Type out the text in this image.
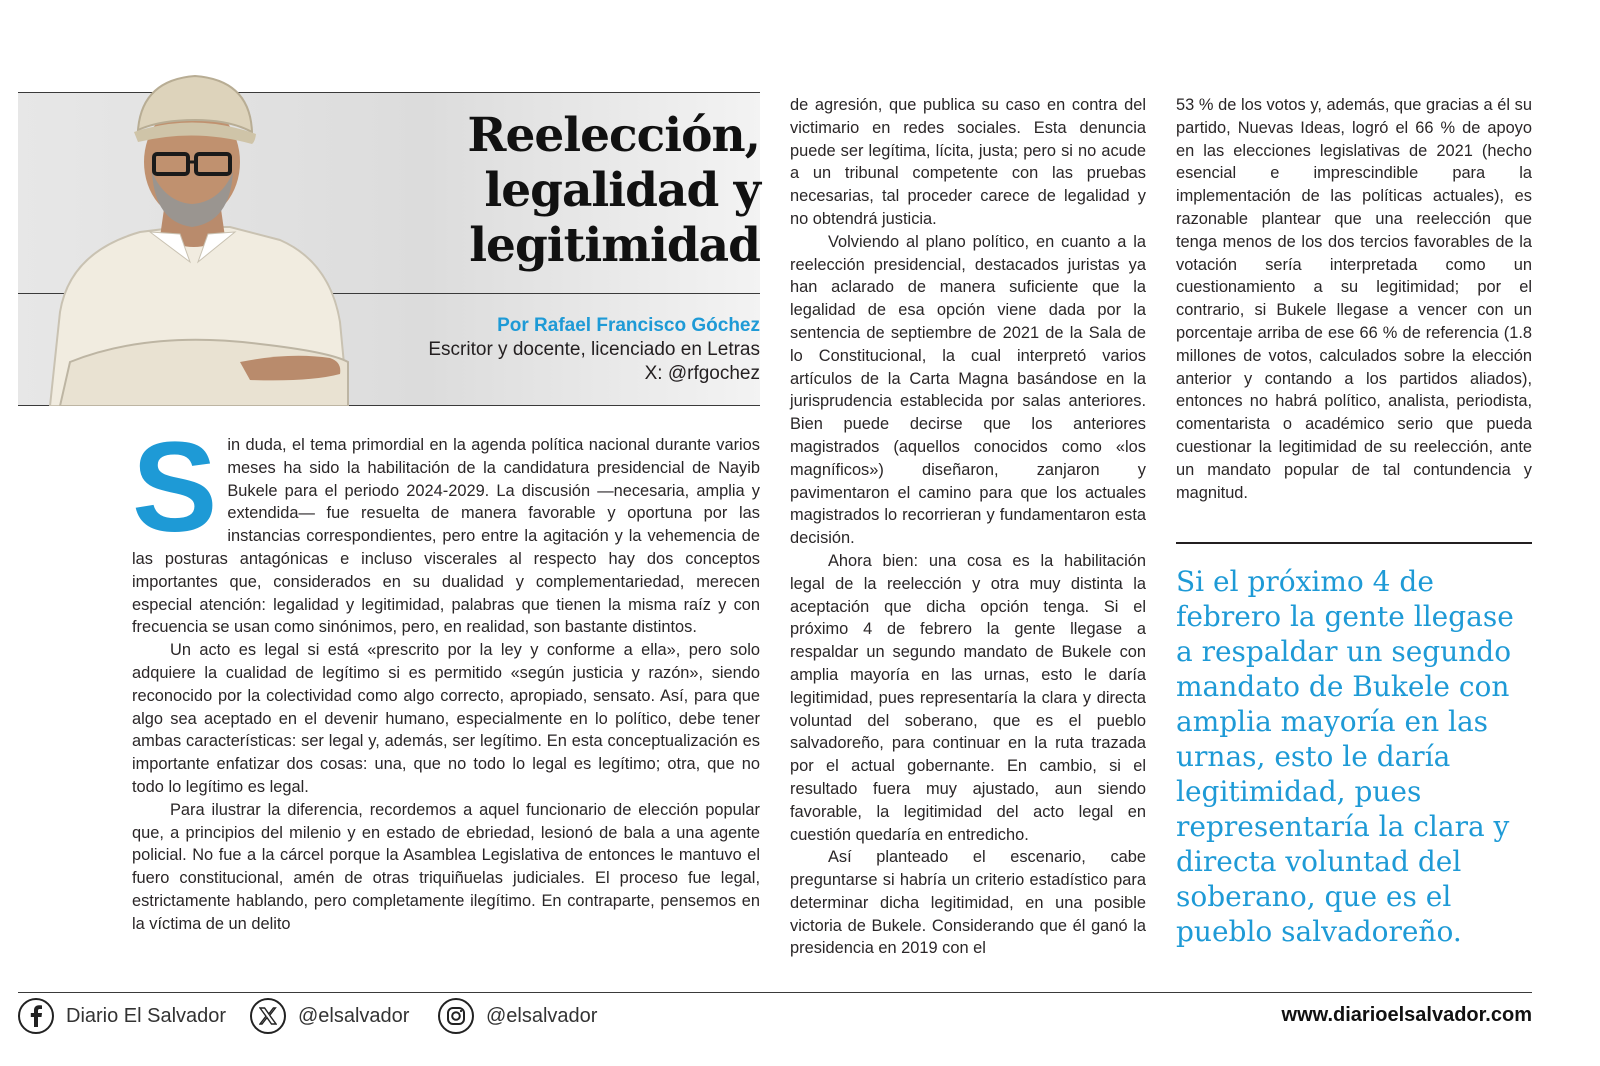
Reelección,
legalidad y
legitimidad
Por Rafael Francisco Góchez
Escritor y docente, licenciado en Letras
X: @rfgochez

Sin duda, el tema primordial en la agenda política nacional durante varios meses ha sido la habilitación de la candidatura presidencial de Nayib Bukele para el periodo 2024-2029. La discusión —necesaria, amplia y extendida— fue resuelta de manera favorable y oportuna por las instancias correspondientes, pero entre la agitación y la vehemencia de las posturas antagónicas e incluso viscerales al respecto hay dos conceptos importantes que, considerados en su dualidad y complementariedad, merecen especial atención: legalidad y legitimidad, palabras que tienen la misma raíz y con frecuencia se usan como sinónimos, pero, en realidad, son bastante distintos.

Un acto es legal si está «prescrito por la ley y conforme a ella», pero solo adquiere la cualidad de legítimo si es permitido «según justicia y razón», siendo reconocido por la colectividad como algo correcto, apropiado, sensato. Así, para que algo sea aceptado en el devenir humano, especialmente en lo político, debe tener ambas características: ser legal y, además, ser legítimo. En esta conceptualización es importante enfatizar dos cosas: una, que no todo lo legal es legítimo; otra, que no todo lo legítimo es legal.

Para ilustrar la diferencia, recordemos a aquel funcionario de elección popular que, a principios del milenio y en estado de ebriedad, lesionó de bala a una agente policial. No fue a la cárcel porque la Asamblea Legislativa de entonces le mantuvo el fuero constitucional, amén de otras triquiñuelas judiciales. El proceso fue legal, estrictamente hablando, pero completamente ilegítimo. En contraparte, pensemos en la víctima de un delito

de agresión, que publica su caso en contra del victimario en redes sociales. Esta denuncia puede ser legítima, lícita, justa; pero si no acude a un tribunal competente con las pruebas necesarias, tal proceder carece de legalidad y no obtendrá justicia.

Volviendo al plano político, en cuanto a la reelección presidencial, destacados juristas ya han aclarado de manera suficiente que la legalidad de esa opción viene dada por la sentencia de septiembre de 2021 de la Sala de lo Constitucional, la cual interpretó varios artículos de la Carta Magna basándose en la jurisprudencia establecida por salas anteriores. Bien puede decirse que los anteriores magistrados (aquellos conocidos como «los magníficos») diseñaron, zanjaron y pavimentaron el camino para que los actuales magistrados lo recorrieran y fundamentaron esta decisión.

Ahora bien: una cosa es la habilitación legal de la reelección y otra muy distinta la aceptación que dicha opción tenga. Si el próximo 4 de febrero la gente llegase a respaldar un segundo mandato de Bukele con amplia mayoría en las urnas, esto le daría legitimidad, pues representaría la clara y directa voluntad del soberano, que es el pueblo salvadoreño, para continuar en la ruta trazada por el actual gobernante. En cambio, si el resultado fuera muy ajustado, aun siendo favorable, la legitimidad del acto legal en cuestión quedaría en entredicho.

Así planteado el escenario, cabe preguntarse si habría un criterio estadístico para determinar dicha legitimidad, en una posible victoria de Bukele. Considerando que él ganó la presidencia en 2019 con el

53 % de los votos y, además, que gracias a él su partido, Nuevas Ideas, logró el 66 % de apoyo en las elecciones legislativas de 2021 (hecho esencial e imprescindible para la implementación de las políticas actuales), es razonable plantear que una reelección que tenga menos de los dos tercios favorables de la votación sería interpretada como un cuestionamiento a su legitimidad; por el contrario, si Bukele llegase a vencer con un porcentaje arriba de ese 66 % de referencia (1.8 millones de votos, calculados sobre la elección anterior y contando a los partidos aliados), entonces no habrá político, analista, periodista, comentarista o académico serio que pueda cuestionar la legitimidad de su reelección, ante un mandato popular de tal contundencia y magnitud.

Si el próximo 4 de febrero la gente llegase a respaldar un segundo mandato de Bukele con amplia mayoría en las urnas, esto le daría legitimidad, pues representaría la clara y directa voluntad del soberano, que es el pueblo salvadoreño.
Diario El Salvador	@elsalvador	@elsalvador	www.diarioelsalvador.com
